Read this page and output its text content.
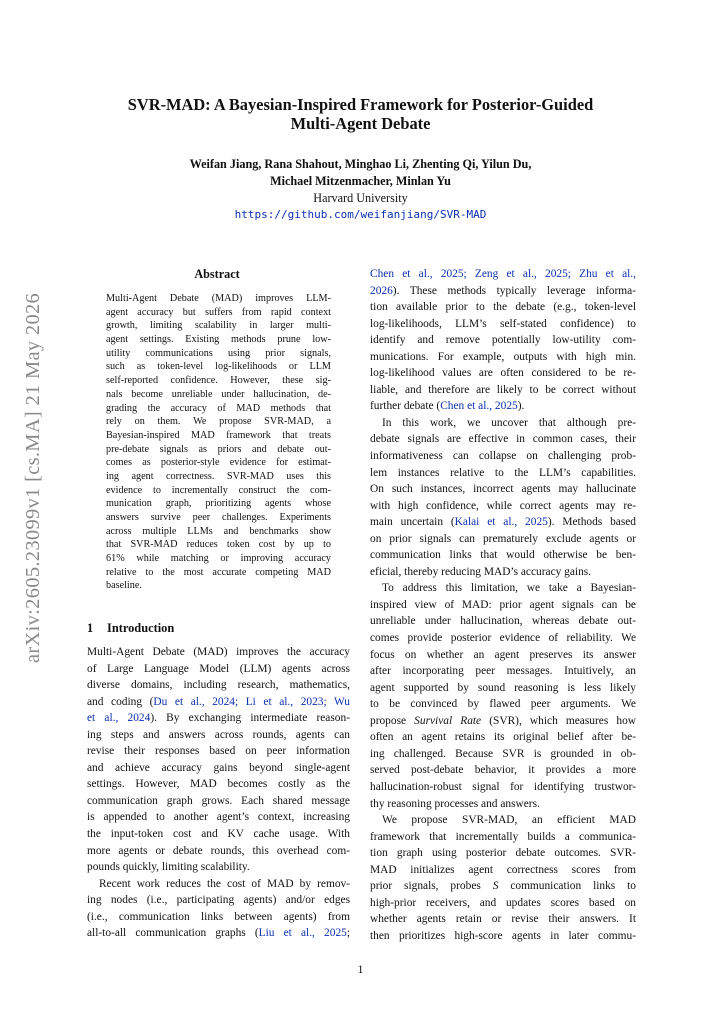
arXiv:2605.23099v1 [cs.MA] 21 May 2026
SVR-MAD: A Bayesian-Inspired Framework for Posterior-Guided
Multi-Agent Debate
Weifan Jiang, Rana Shahout, Minghao Li, Zhenting Qi, Yilun Du,
Michael Mitzenmacher, Minlan Yu
Harvard University
https://github.com/weifanjiang/SVR-MAD
Abstract
Multi-Agent Debate (MAD) improves LLM-
agent accuracy but suffers from rapid context
growth, limiting scalability in larger multi-
agent settings. Existing methods prune low-
utility communications using prior signals,
such as token-level log-likelihoods or LLM
self-reported confidence. However, these sig-
nals become unreliable under hallucination, de-
grading the accuracy of MAD methods that
rely on them. We propose SVR-MAD, a
Bayesian-inspired MAD framework that treats
pre-debate signals as priors and debate out-
comes as posterior-style evidence for estimat-
ing agent correctness. SVR-MAD uses this
evidence to incrementally construct the com-
munication graph, prioritizing agents whose
answers survive peer challenges. Experiments
across multiple LLMs and benchmarks show
that SVR-MAD reduces token cost by up to
61% while matching or improving accuracy
relative to the most accurate competing MAD
baseline.
1 Introduction
Multi-Agent Debate (MAD) improves the accuracy
of Large Language Model (LLM) agents across
diverse domains, including research, mathematics,
and coding (Du et al., 2024; Li et al., 2023; Wu
et al., 2024). By exchanging intermediate reason-
ing steps and answers across rounds, agents can
revise their responses based on peer information
and achieve accuracy gains beyond single-agent
settings. However, MAD becomes costly as the
communication graph grows. Each shared message
is appended to another agent’s context, increasing
the input-token cost and KV cache usage. With
more agents or debate rounds, this overhead com-
pounds quickly, limiting scalability.
Recent work reduces the cost of MAD by remov-
ing nodes (i.e., participating agents) and/or edges
(i.e., communication links between agents) from
all-to-all communication graphs (Liu et al., 2025;
Chen et al., 2025; Zeng et al., 2025; Zhu et al.,
2026). These methods typically leverage informa-
tion available prior to the debate (e.g., token-level
log-likelihoods, LLM’s self-stated confidence) to
identify and remove potentially low-utility com-
munications. For example, outputs with high min.
log-likelihood values are often considered to be re-
liable, and therefore are likely to be correct without
further debate (Chen et al., 2025).
In this work, we uncover that although pre-
debate signals are effective in common cases, their
informativeness can collapse on challenging prob-
lem instances relative to the LLM’s capabilities.
On such instances, incorrect agents may hallucinate
with high confidence, while correct agents may re-
main uncertain (Kalai et al., 2025). Methods based
on prior signals can prematurely exclude agents or
communication links that would otherwise be ben-
eficial, thereby reducing MAD’s accuracy gains.
To address this limitation, we take a Bayesian-
inspired view of MAD: prior agent signals can be
unreliable under hallucination, whereas debate out-
comes provide posterior evidence of reliability. We
focus on whether an agent preserves its answer
after incorporating peer messages. Intuitively, an
agent supported by sound reasoning is less likely
to be convinced by flawed peer arguments. We
propose Survival Rate (SVR), which measures how
often an agent retains its original belief after be-
ing challenged. Because SVR is grounded in ob-
served post-debate behavior, it provides a more
hallucination-robust signal for identifying trustwor-
thy reasoning processes and answers.
We propose SVR-MAD, an efficient MAD
framework that incrementally builds a communica-
tion graph using posterior debate outcomes. SVR-
MAD initializes agent correctness scores from
prior signals, probes S communication links to
high-prior receivers, and updates scores based on
whether agents retain or revise their answers. It
then prioritizes high-score agents in later commu-
1
